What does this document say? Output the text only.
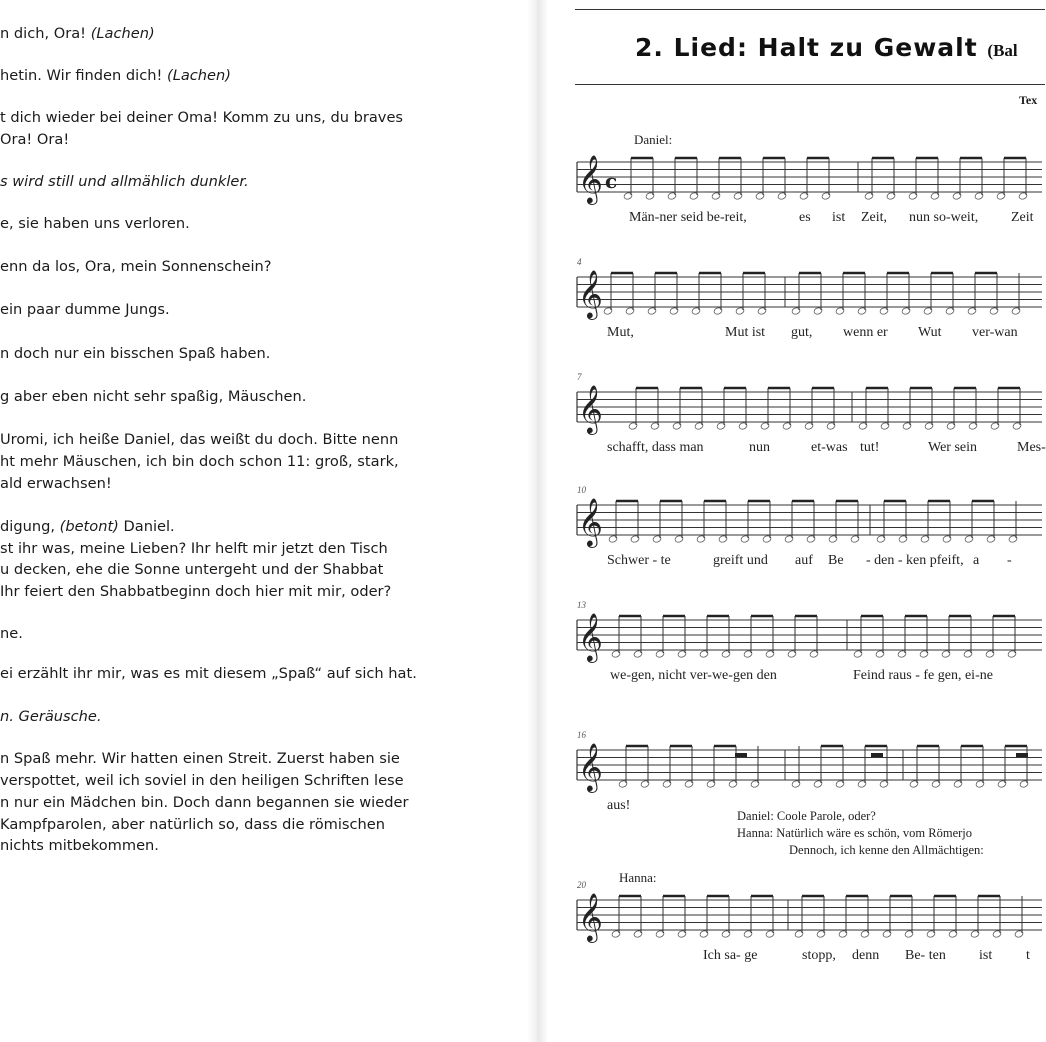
n dich, Ora! (Lachen)
hetin. Wir finden dich! (Lachen)
t dich wieder bei deiner Oma! Komm zu uns, du braves
Ora! Ora!
s wird still und allmählich dunkler.
e, sie haben uns verloren.
enn da los, Ora, mein Sonnenschein?
ein paar dumme Jungs.
n doch nur ein bisschen Spaß haben.
g aber eben nicht sehr spaßig, Mäuschen.
Uromi, ich heiße Daniel, das weißt du doch. Bitte nenn
ht mehr Mäuschen, ich bin doch schon 11: groß, stark,
ald erwachsen!
digung, (betont) Daniel.
st ihr was, meine Lieben? Ihr helft mir jetzt den Tisch
u decken, ehe die Sonne untergeht und der Shabbat
Ihr feiert den Shabbatbeginn doch hier mit mir, oder?
ne.
ei erzählt ihr mir, was es mit diesem „Spaß“ auf sich hat.
n. Geräusche.
n Spaß mehr. Wir hatten einen Streit. Zuerst haben sie
verspottet, weil ich soviel in den heiligen Schriften lese
n nur ein Mädchen bin. Doch dann begannen sie wieder
Kampfparolen, aber natürlich so, dass die römischen
nichts mitbekommen.
2. Lied: Halt zu Gewalt (Bal
Tex
𝄞 c
𝄞
𝄞
𝄞
𝄞
𝄞
𝄞
Män-ner seid be-reit,	es ist Zeit, nun so-weit, Zeit
Daniel:
Mut,	Mut ist gut, wenn er Wut ver-wan
4
schafft, dass man	nun	et-was tut!	Wer sein	Mes-
7
Schwer - te	greift und auf Be - den - ken pfeift, a -
10
we-gen, nicht ver-we-gen den	Feind raus - fe gen, ei-ne
13
aus!
16
Ich sa- ge	stopp, denn Be- ten ist t
20	Hanna:
Daniel: Coole Parole, oder?
Hanna: Natürlich wäre es schön, vom Römerjo
Dennoch, ich kenne den Allmächtigen:
